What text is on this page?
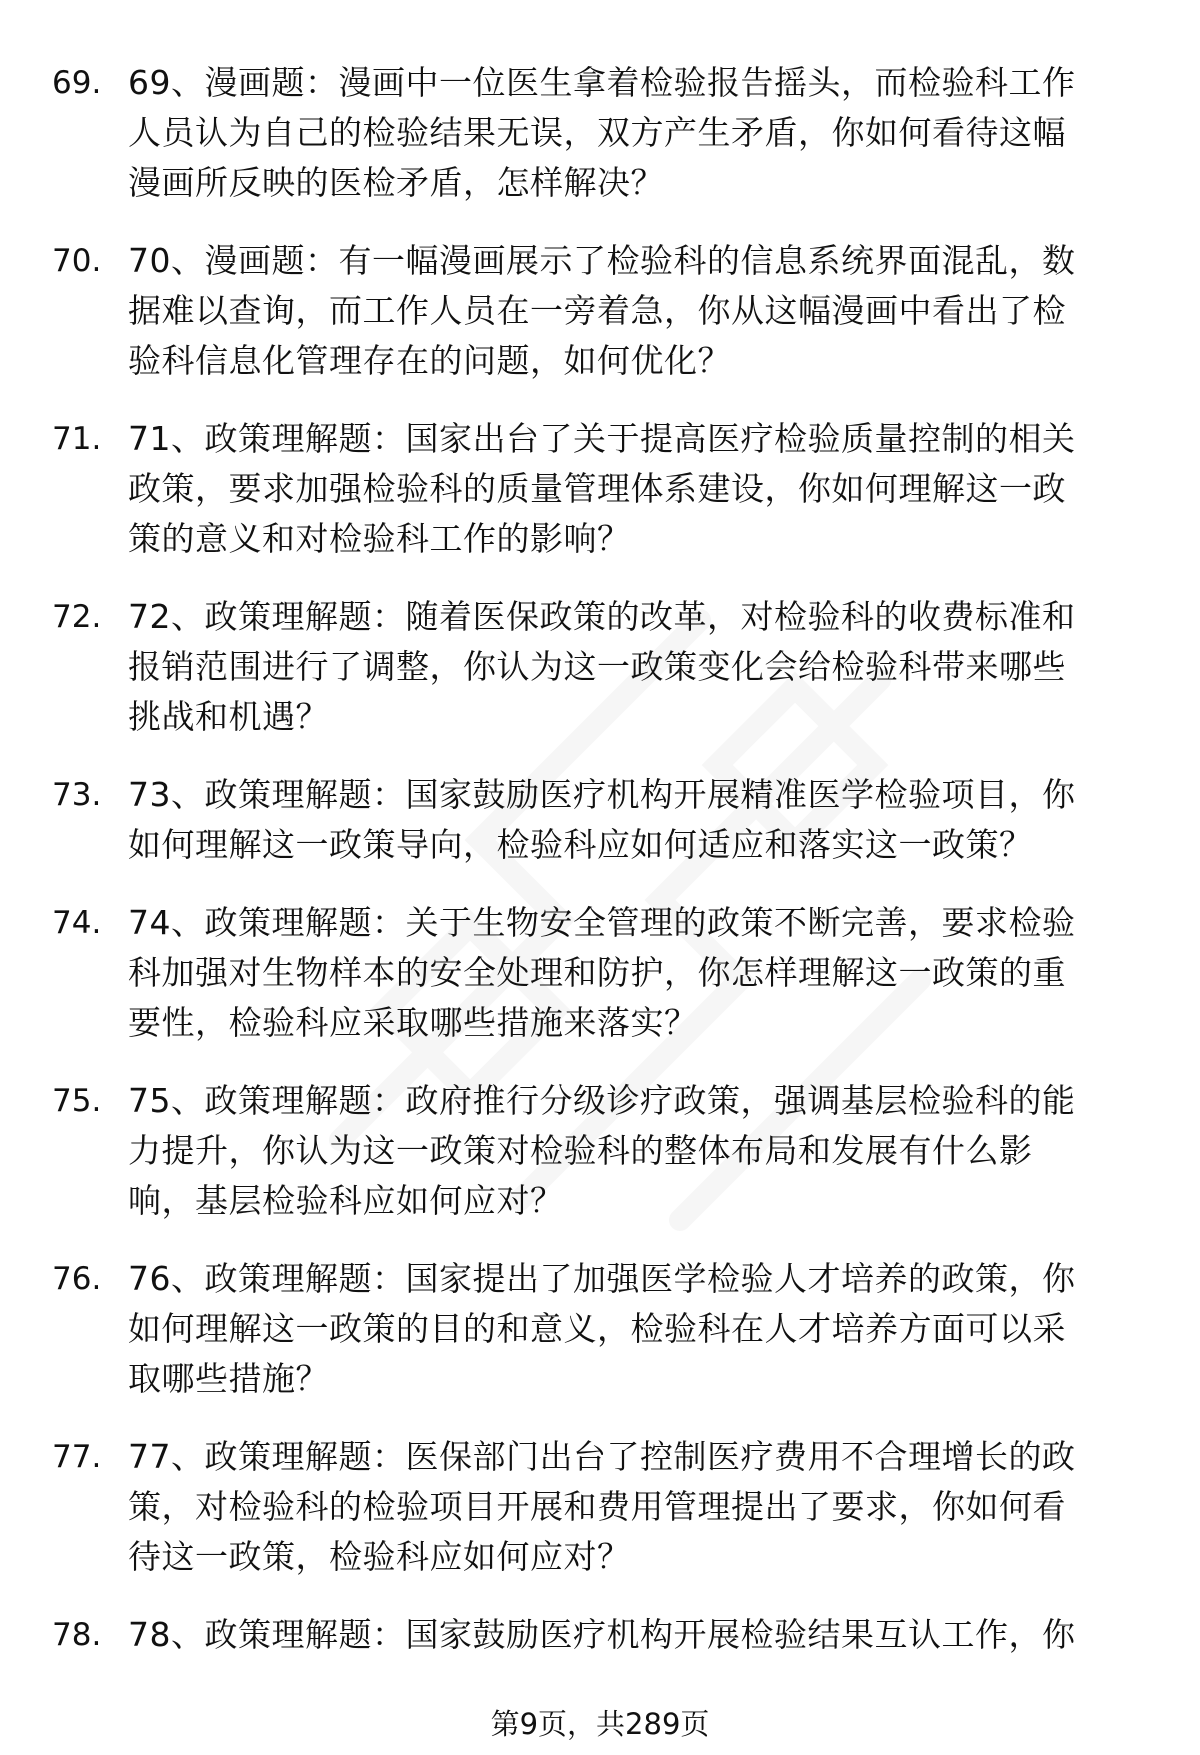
69. 69、漫画题：漫画中一位医生拿着检验报告摇头，而检验科工作
人员认为自己的检验结果无误，双方产生矛盾，你如何看待这幅
漫画所反映的医检矛盾，怎样解决？
70. 70、漫画题：有一幅漫画展示了检验科的信息系统界面混乱，数
据难以查询，而工作人员在一旁着急，你从这幅漫画中看出了检
验科信息化管理存在的问题，如何优化？
71. 71、政策理解题：国家出台了关于提高医疗检验质量控制的相关
政策，要求加强检验科的质量管理体系建设，你如何理解这一政
策的意义和对检验科工作的影响？
72. 72、政策理解题：随着医保政策的改革，对检验科的收费标准和
报销范围进行了调整，你认为这一政策变化会给检验科带来哪些
挑战和机遇？
73. 73、政策理解题：国家鼓励医疗机构开展精准医学检验项目，你
如何理解这一政策导向，检验科应如何适应和落实这一政策？
74. 74、政策理解题：关于生物安全管理的政策不断完善，要求检验
科加强对生物样本的安全处理和防护，你怎样理解这一政策的重
要性，检验科应采取哪些措施来落实？
75. 75、政策理解题：政府推行分级诊疗政策，强调基层检验科的能
力提升，你认为这一政策对检验科的整体布局和发展有什么影
响，基层检验科应如何应对？
76. 76、政策理解题：国家提出了加强医学检验人才培养的政策，你
如何理解这一政策的目的和意义，检验科在人才培养方面可以采
取哪些措施？
77. 77、政策理解题：医保部门出台了控制医疗费用不合理增长的政
策，对检验科的检验项目开展和费用管理提出了要求，你如何看
待这一政策，检验科应如何应对？
78. 78、政策理解题：国家鼓励医疗机构开展检验结果互认工作，你
第9页，共289页
